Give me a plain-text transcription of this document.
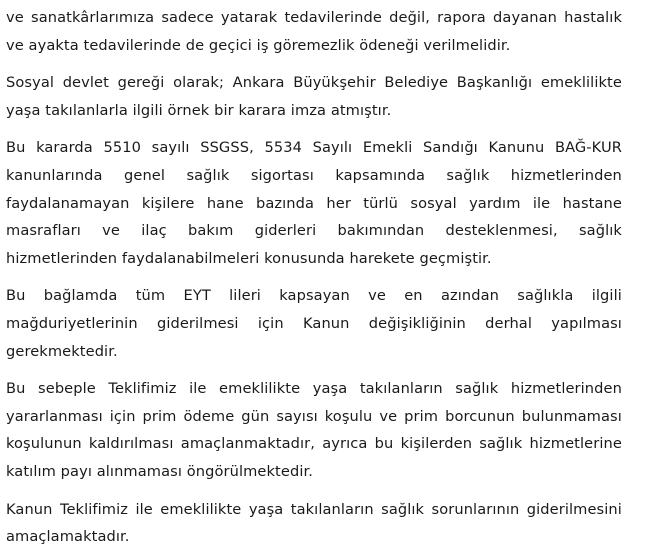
ve sanatkârlarımıza sadece yatarak tedavilerinde değil, rapora dayanan hastalık
ve ayakta tedavilerinde de geçici iş göremezlik ödeneği verilmelidir.

Sosyal devlet gereği olarak; Ankara Büyükşehir Belediye Başkanlığı emeklilikte
yaşa takılanlarla ilgili örnek bir karara imza atmıştır.

Bu kararda 5510 sayılı SSGSS, 5534 Sayılı Emekli Sandığı Kanunu BAĞ-KUR
kanunlarında genel sağlık sigortası kapsamında sağlık hizmetlerinden
faydalanamayan kişilere hane bazında her türlü sosyal yardım ile hastane
masrafları ve ilaç bakım giderleri bakımından desteklenmesi, sağlık
hizmetlerinden faydalanabilmeleri konusunda harekete geçmiştir.

Bu bağlamda tüm EYT lileri kapsayan ve en azından sağlıkla ilgili
mağduriyetlerinin giderilmesi için Kanun değişikliğinin derhal yapılması
gerekmektedir.

Bu sebeple Teklifimiz ile emeklilikte yaşa takılanların sağlık hizmetlerinden
yararlanması için prim ödeme gün sayısı koşulu ve prim borcunun bulunmaması
koşulunun kaldırılması amaçlanmaktadır, ayrıca bu kişilerden sağlık hizmetlerine
katılım payı alınmaması öngörülmektedir.

Kanun Teklifimiz ile emeklilikte yaşa takılanların sağlık sorunlarının giderilmesini
amaçlamaktadır.
